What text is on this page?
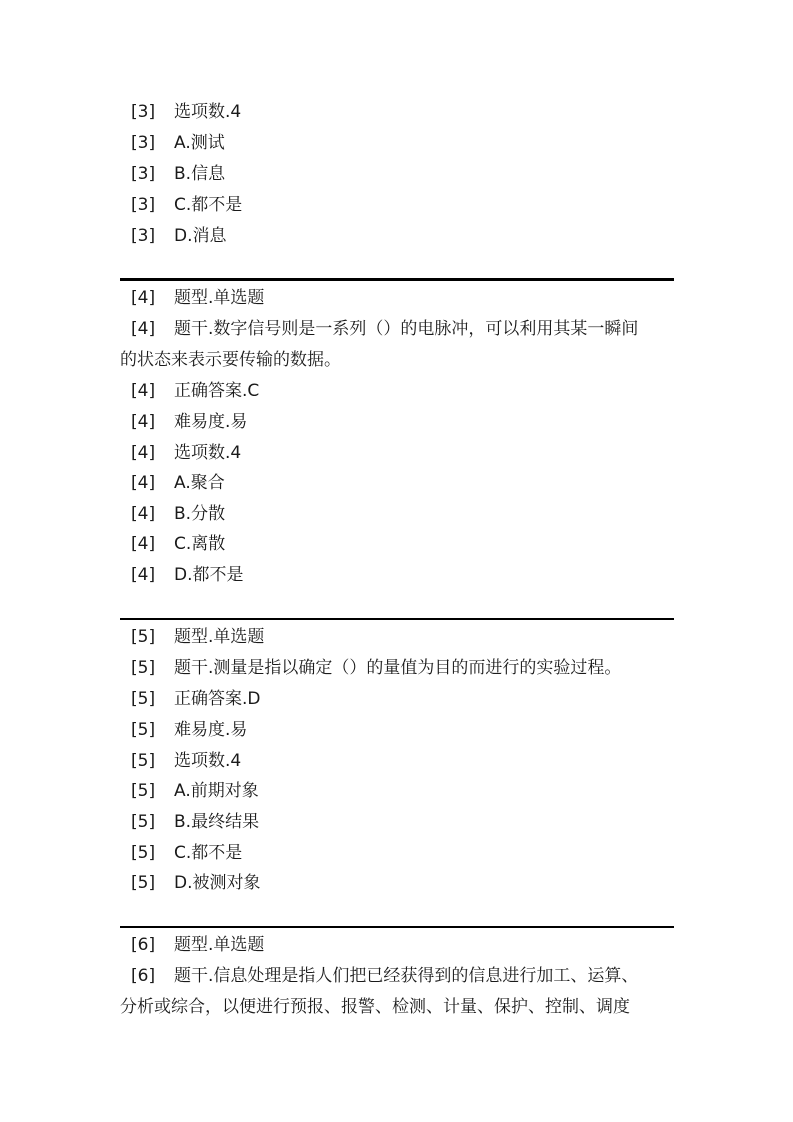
[3] 选项数.4
[3] A.测试
[3] B.信息
[3] C.都不是
[3] D.消息
[4] 题型.单选题
[4] 题干.数字信号则是一系列（）的电脉冲，可以利用其某一瞬间
的状态来表示要传输的数据。
[4] 正确答案.C
[4] 难易度.易
[4] 选项数.4
[4] A.聚合
[4] B.分散
[4] C.离散
[4] D.都不是
[5] 题型.单选题
[5] 题干.测量是指以确定（）的量值为目的而进行的实验过程。
[5] 正确答案.D
[5] 难易度.易
[5] 选项数.4
[5] A.前期对象
[5] B.最终结果
[5] C.都不是
[5] D.被测对象
[6] 题型.单选题
[6] 题干.信息处理是指人们把已经获得到的信息进行加工、运算、
分析或综合，以便进行预报、报警、检测、计量、保护、控制、调度
